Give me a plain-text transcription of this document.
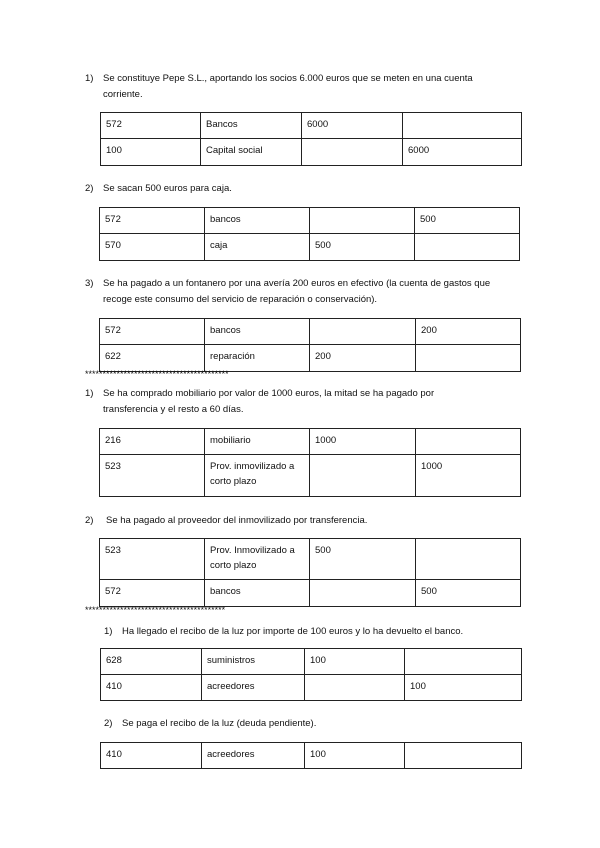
1) Se constituye Pepe S.L., aportando los socios 6.000 euros que se meten en una cuenta
corriente.
572	Bancos	6000	
100	Capital social		6000
2) Se sacan 500 euros para caja.
572	bancos		500
570	caja	500	
3) Se ha pagado a un fontanero por una avería 200 euros en efectivo (la cuenta de gastos que
recoge este consumo del servicio de reparación o conservación).
572	bancos		200
622	reparación	200	
*****************************************
1) Se ha comprado mobiliario por valor de 1000 euros, la mitad se ha pagado por
transferencia y el resto a 60 días.
216	mobiliario	1000	
523	Prov. inmovilizado a corto plazo		1000
2) Se ha pagado al proveedor del inmovilizado por transferencia.
523	Prov. Inmovilizado a corto plazo	500	
572	bancos		500
****************************************
1) Ha llegado el recibo de la luz por importe de 100 euros y lo ha devuelto el banco.
628	suministros	100	
410	acreedores		100
2) Se paga el recibo de la luz (deuda pendiente).
410	acreedores	100	
